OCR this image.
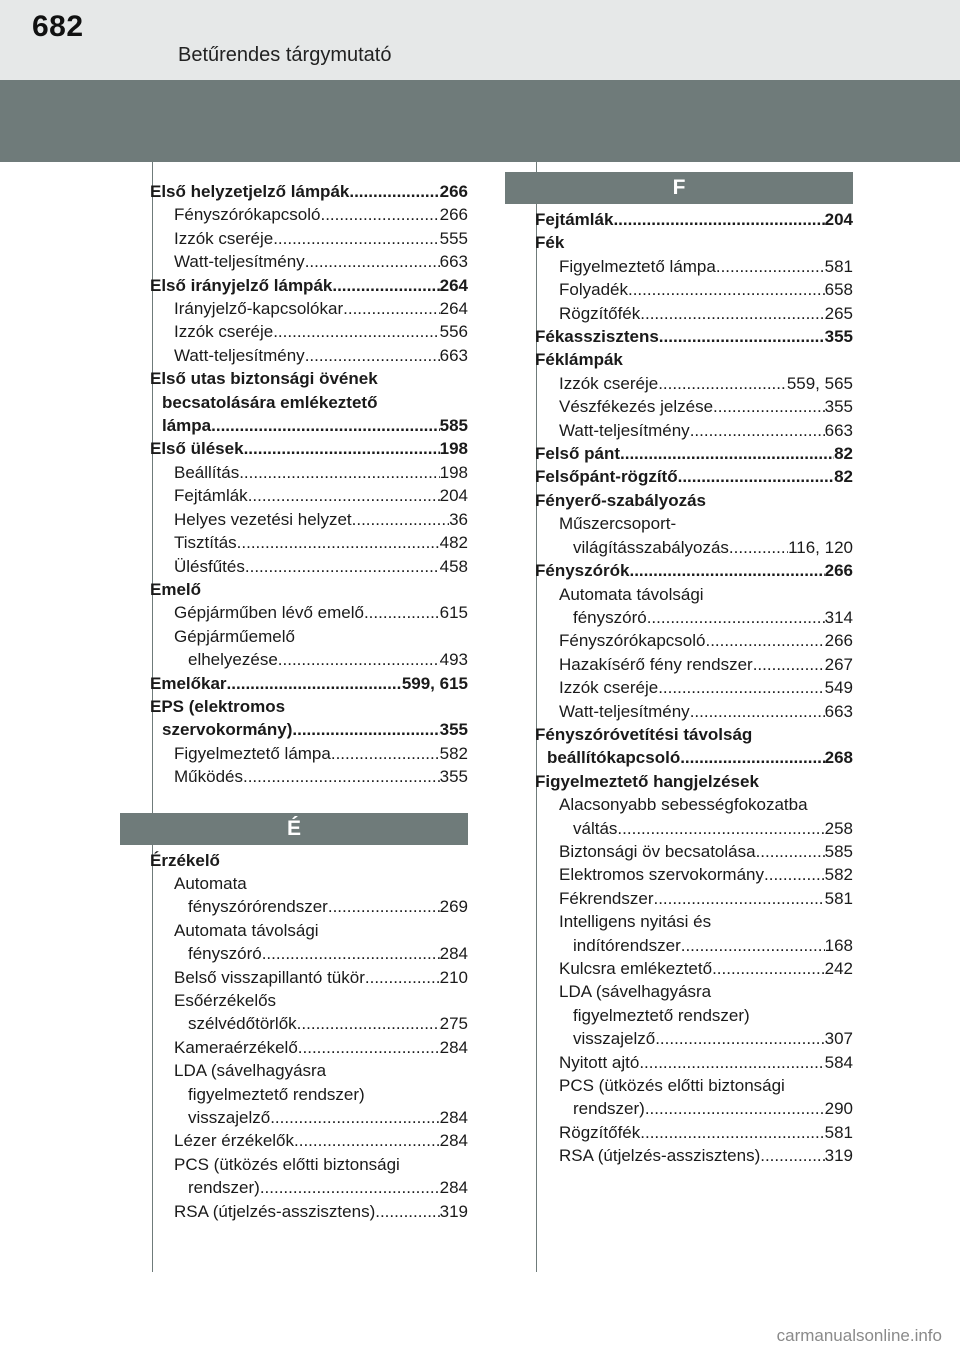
682
Betűrendes tárgymutató
Első helyzetjelző lámpák .....	266
Fényszórókapcsoló .....	266
Izzók cseréje .....	555
Watt-teljesítmény .....	663
Első irányjelző lámpák .....	264
Irányjelző-kapcsolókar .....	264
Izzók cseréje .....	556
Watt-teljesítmény .....	663
Első utas biztonsági övének
becsatolására emlékeztető
lámpa .....	585
Első ülések .....	198
Beállítás .....	198
Fejtámlák .....	204
Helyes vezetési helyzet .....	36
Tisztítás .....	482
Ülésfűtés .....	458
Emelő
Gépjárműben lévő emelő .....	615
Gépjárműemelő
elhelyezése .....	493
Emelőkar .....	599, 615
EPS (elektromos
szervokormány) .....	355
Figyelmeztető lámpa .....	582
Működés .....	355
É
Érzékelő
Automata
fényszórórendszer .....	269
Automata távolsági
fényszóró .....	284
Belső visszapillantó tükör .....	210
Esőérzékelős
szélvédőtörlők .....	275
Kameraérzékelő .....	284
LDA (sávelhagyásra
figyelmeztető rendszer)
visszajelző .....	284
Lézer érzékelők .....	284
PCS (ütközés előtti biztonsági
rendszer) .....	284
RSA (útjelzés-asszisztens) .....	319
F
Fejtámlák .....	204
Fék
Figyelmeztető lámpa .....	581
Folyadék .....	658
Rögzítőfék .....	265
Fékasszisztens .....	355
Féklámpák
Izzók cseréje .....	559, 565
Vészfékezés jelzése .....	355
Watt-teljesítmény .....	663
Felső pánt .....	82
Felsőpánt-rögzítő .....	82
Fényerő-szabályozás
Műszercsoport-
világításszabályozás .....	116, 120
Fényszórók .....	266
Automata távolsági
fényszóró .....	314
Fényszórókapcsoló .....	266
Hazakísérő fény rendszer .....	267
Izzók cseréje .....	549
Watt-teljesítmény .....	663
Fényszóróvetítési távolság
beállítókapcsoló .....	268
Figyelmeztető hangjelzések
Alacsonyabb sebességfokozatba
váltás .....	258
Biztonsági öv becsatolása .....	585
Elektromos szervokormány .....	582
Fékrendszer .....	581
Intelligens nyitási és
indítórendszer .....	168
Kulcsra emlékeztető .....	242
LDA (sávelhagyásra
figyelmeztető rendszer)
visszajelző .....	307
Nyitott ajtó .....	584
PCS (ütközés előtti biztonsági
rendszer) .....	290
Rögzítőfék .....	581
RSA (útjelzés-asszisztens) .....	319
carmanualsonline.info
